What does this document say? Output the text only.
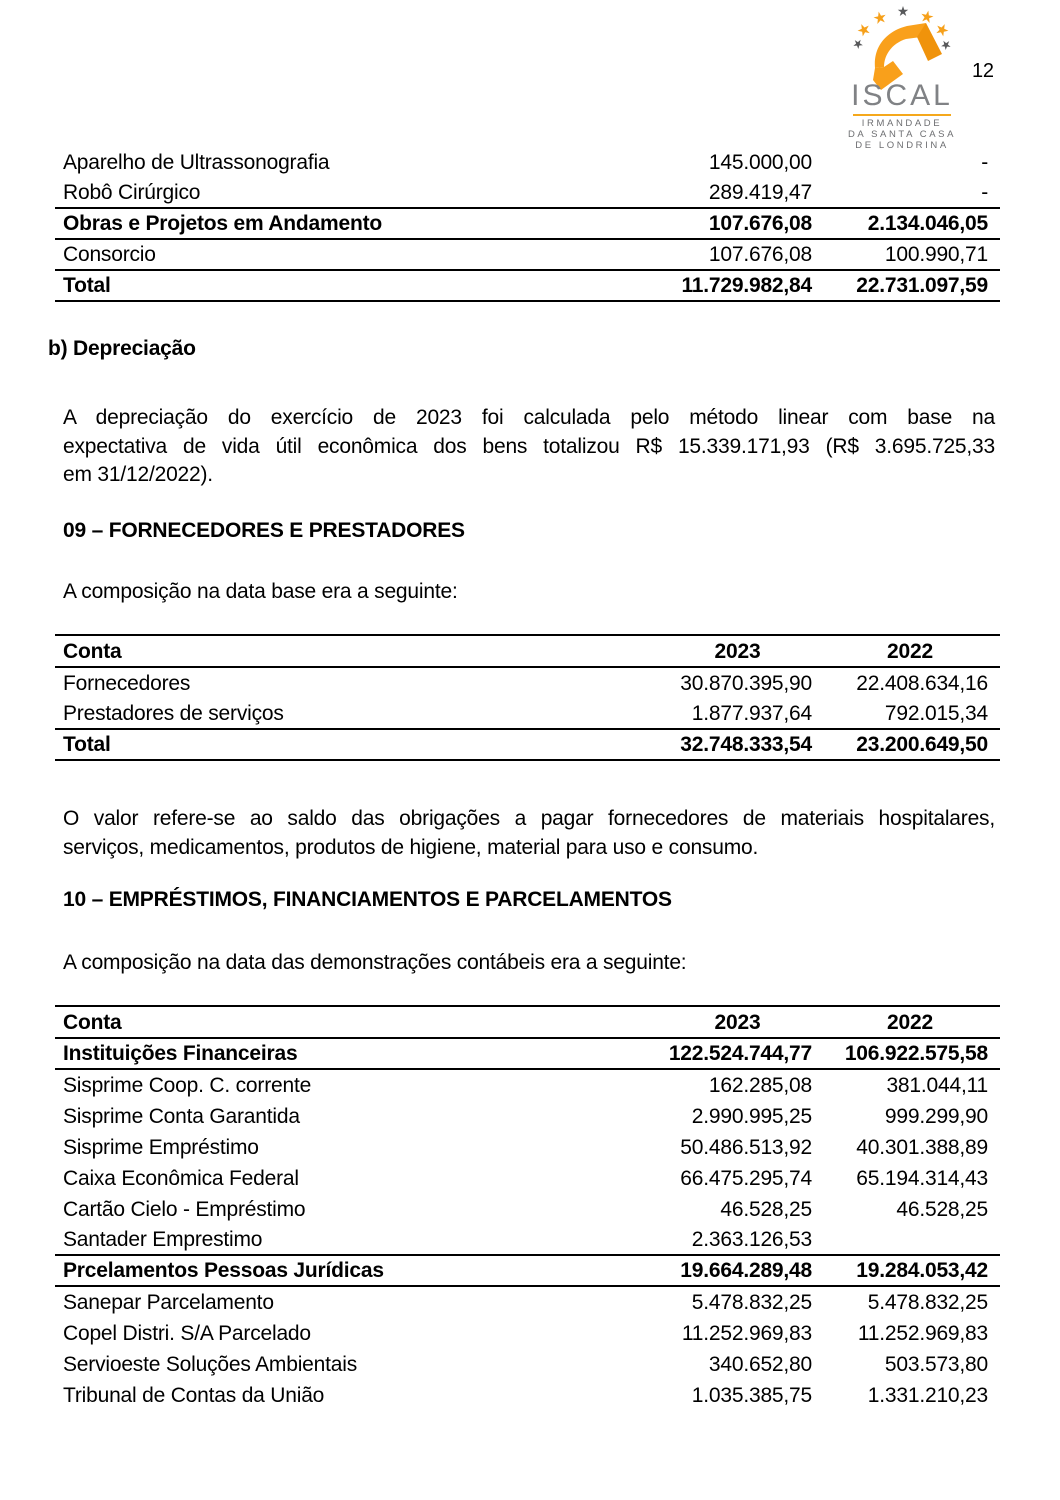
ISCAL
IRMANDADE
DA SANTA CASA
DE LONDRINA
12
Aparelho de Ultrassonografia	145.000,00	-
Robô Cirúrgico	289.419,47	-
Obras e Projetos em Andamento	107.676,08	2.134.046,05
Consorcio	107.676,08	100.990,71
Total	11.729.982,84	22.731.097,59
b) Depreciação
A depreciação do exercício de 2023 foi calculada pelo método linear com base na
expectativa de vida útil econômica dos bens totalizou R$ 15.339.171,93 (R$ 3.695.725,33
em 31/12/2022).
09 – FORNECEDORES E PRESTADORES
A composição na data base era a seguinte:
Conta	2023	2022
Fornecedores	30.870.395,90	22.408.634,16
Prestadores de serviços	1.877.937,64	792.015,34
Total	32.748.333,54	23.200.649,50
O valor refere-se ao saldo das obrigações a pagar fornecedores de materiais hospitalares,
serviços, medicamentos, produtos de higiene, material para uso e consumo.
10 – EMPRÉSTIMOS, FINANCIAMENTOS E PARCELAMENTOS
A composição na data das demonstrações contábeis era a seguinte:
Conta	2023	2022
Instituições Financeiras	122.524.744,77	106.922.575,58
Sisprime Coop. C. corrente	162.285,08	381.044,11
Sisprime Conta Garantida	2.990.995,25	999.299,90
Sisprime Empréstimo	50.486.513,92	40.301.388,89
Caixa Econômica Federal	66.475.295,74	65.194.314,43
Cartão Cielo - Empréstimo	46.528,25	46.528,25
Santader Emprestimo	2.363.126,53
Prcelamentos Pessoas Jurídicas	19.664.289,48	19.284.053,42
Sanepar Parcelamento	5.478.832,25	5.478.832,25
Copel Distri. S/A Parcelado	11.252.969,83	11.252.969,83
Servioeste Soluções Ambientais	340.652,80	503.573,80
Tribunal de Contas da União	1.035.385,75	1.331.210,23
